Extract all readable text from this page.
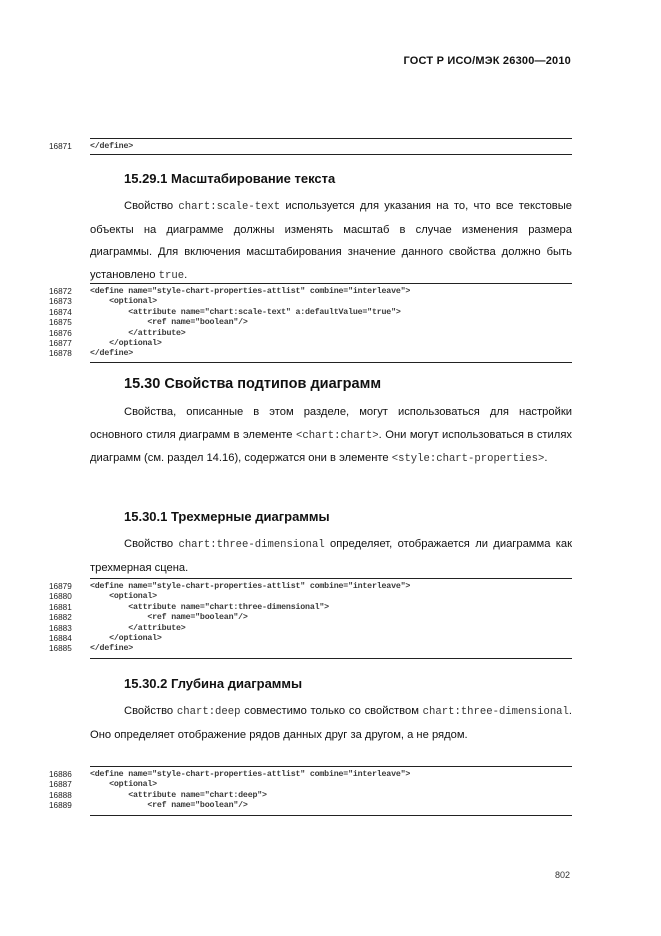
ГОСТ Р ИСО/МЭК 26300—2010
16871	</define>
15.29.1 Масштабирование текста

Свойство chart:scale-text используется для указания на то, что все текстовые объекты на диаграмме должны изменять масштаб в случае изменения размера диаграммы. Для включения масштабирования значение данного свойства должно быть установлено true.

16872	<define name="style-chart-properties-attlist" combine="interleave">
16873	<optional>
16874	<attribute name="chart:scale-text" a:defaultValue="true">
16875	<ref name="boolean"/>
16876	</attribute>
16877	</optional>
16878	</define>
15.30 Свойства подтипов диаграмм

Свойства, описанные в этом разделе, могут использоваться для настройки основного стиля диаграмм в элементе <chart:chart>. Они могут использоваться в стилях диаграмм (см. раздел 14.16), содержатся они в элементе <style:chart-properties>.

15.30.1 Трехмерные диаграммы

Свойство chart:three-dimensional определяет, отображается ли диаграмма как трехмерная сцена.

16879	<define name="style-chart-properties-attlist" combine="interleave">
16880	<optional>
16881	<attribute name="chart:three-dimensional">
16882	<ref name="boolean"/>
16883	</attribute>
16884	</optional>
16885	</define>
15.30.2 Глубина диаграммы

Свойство chart:deep совместимо только со свойством chart:three-dimensional. Оно определяет отображение рядов данных друг за другом, а не рядом.

16886	<define name="style-chart-properties-attlist" combine="interleave">
16887	<optional>
16888	<attribute name="chart:deep">
16889	<ref name="boolean"/>
802
